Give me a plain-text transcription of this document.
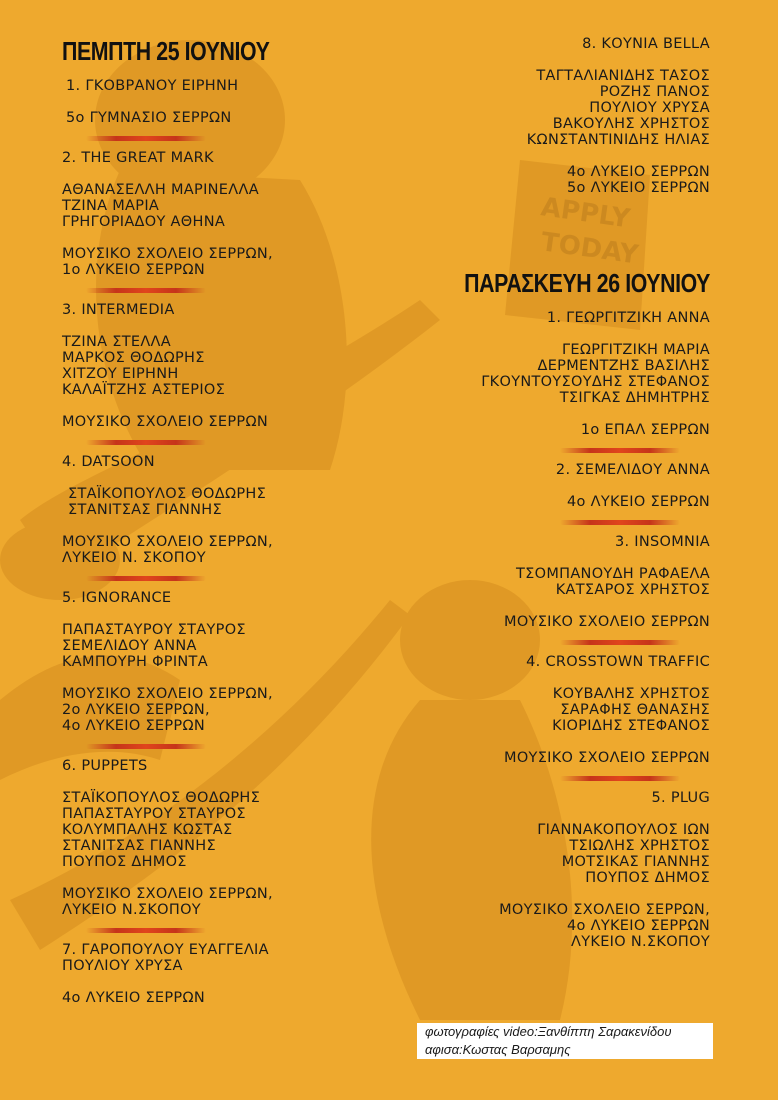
APPLY
TODAY
ΠΕΜΠΤΗ 25 ΙΟΥΝΙΟΥ
1. ΓΚΟΒΡΑΝΟΥ ΕΙΡΗΝΗ
5ο ΓΥΜΝΑΣΙΟ ΣΕΡΡΩΝ
2. THE GREAT MARK
ΑΘΑΝΑΣΕΛΛΗ ΜΑΡΙΝΕΛΛΑ
ΤΖΙΝΑ ΜΑΡΙΑ
ΓΡΗΓΟΡΙΑΔΟΥ ΑΘΗΝΑ
ΜΟΥΣΙΚΟ ΣΧΟΛΕΙΟ ΣΕΡΡΩΝ,
1ο ΛΥΚΕΙΟ ΣΕΡΡΩΝ
3. INTERMEDIA
ΤΖΙΝΑ ΣΤΕΛΛΑ
ΜΑΡΚΟΣ ΘΟΔΩΡΗΣ
ΧΙΤΖΟΥ ΕΙΡΗΝΗ
ΚΑΛΑΪΤΖΗΣ ΑΣΤΕΡΙΟΣ
ΜΟΥΣΙΚΟ ΣΧΟΛΕΙΟ ΣΕΡΡΩΝ
4. DATSOON
ΣΤΑΪΚΟΠΟΥΛΟΣ ΘΟΔΩΡΗΣ
ΣΤΑΝΙΤΣΑΣ ΓΙΑΝΝΗΣ
ΜΟΥΣΙΚΟ ΣΧΟΛΕΙΟ ΣΕΡΡΩΝ,
ΛΥΚΕΙΟ Ν. ΣΚΟΠΟΥ
5. IGNORANCE
ΠΑΠΑΣΤΑΥΡΟΥ ΣΤΑΥΡΟΣ
ΣΕΜΕΛΙΔΟΥ ΑΝΝΑ
ΚΑΜΠΟΥΡΗ ΦΡΙΝΤΑ
ΜΟΥΣΙΚΟ ΣΧΟΛΕΙΟ ΣΕΡΡΩΝ,
2ο ΛΥΚΕΙΟ ΣΕΡΡΩΝ,
4ο ΛΥΚΕΙΟ ΣΕΡΡΩΝ
6. PUPPETS
ΣΤΑΪΚΟΠΟΥΛΟΣ ΘΟΔΩΡΗΣ
ΠΑΠΑΣΤΑΥΡΟΥ ΣΤΑΥΡΟΣ
ΚΟΛΥΜΠΑΛΗΣ ΚΩΣΤΑΣ
ΣΤΑΝΙΤΣΑΣ ΓΙΑΝΝΗΣ
ΠΟΥΠΟΣ ΔΗΜΟΣ
ΜΟΥΣΙΚΟ ΣΧΟΛΕΙΟ ΣΕΡΡΩΝ,
ΛΥΚΕΙΟ Ν.ΣΚΟΠΟΥ
7. ΓΑΡΟΠΟΥΛΟΥ ΕΥΑΓΓΕΛΙΑ
ΠΟΥΛΙΟΥ ΧΡΥΣΑ
4ο ΛΥΚΕΙΟ ΣΕΡΡΩΝ
8. ΚΟΥΝΙΑ BELLA
ΤΑΓΤΑΛΙΑΝΙΔΗΣ ΤΑΣΟΣ
ΡΟΖΗΣ ΠΑΝΟΣ
ΠΟΥΛΙΟΥ ΧΡΥΣΑ
ΒΑΚΟΥΛΗΣ ΧΡΗΣΤΟΣ
ΚΩΝΣΤΑΝΤΙΝΙΔΗΣ ΗΛΙΑΣ
4ο ΛΥΚΕΙΟ ΣΕΡΡΩΝ
5ο ΛΥΚΕΙΟ ΣΕΡΡΩΝ
ΠΑΡΑΣΚΕΥΗ 26 ΙΟΥΝΙΟΥ
1. ΓΕΩΡΓΙΤΖΙΚΗ ΑΝΝΑ
ΓΕΩΡΓΙΤΖΙΚΗ ΜΑΡΙΑ
ΔΕΡΜΕΝΤΖΗΣ ΒΑΣΙΛΗΣ
ΓΚΟΥΝΤΟΥΣΟΥΔΗΣ ΣΤΕΦΑΝΟΣ
ΤΣΙΓΚΑΣ ΔΗΜΗΤΡΗΣ
1ο ΕΠΑΛ ΣΕΡΡΩΝ
2. ΣΕΜΕΛΙΔΟΥ ΑΝΝΑ
4ο ΛΥΚΕΙΟ ΣΕΡΡΩΝ
3. INSOMNIA
ΤΣΟΜΠΑΝΟΥΔΗ ΡΑΦΑΕΛΑ
ΚΑΤΣΑΡΟΣ ΧΡΗΣΤΟΣ
ΜΟΥΣΙΚΟ ΣΧΟΛΕΙΟ ΣΕΡΡΩΝ
4. CROSSTOWN TRAFFIC
ΚΟΥΒΑΛΗΣ ΧΡΗΣΤΟΣ
ΣΑΡΑΦΗΣ ΘΑΝΑΣΗΣ
ΚΙΟΡΙΔΗΣ ΣΤΕΦΑΝΟΣ
ΜΟΥΣΙΚΟ ΣΧΟΛΕΙΟ ΣΕΡΡΩΝ
5. PLUG
ΓΙΑΝΝΑΚΟΠΟΥΛΟΣ ΙΩΝ
ΤΣΙΩΛΗΣ ΧΡΗΣΤΟΣ
ΜΟΤΣΙΚΑΣ ΓΙΑΝΝΗΣ
ΠΟΥΠΟΣ ΔΗΜΟΣ
ΜΟΥΣΙΚΟ ΣΧΟΛΕΙΟ ΣΕΡΡΩΝ,
4ο ΛΥΚΕΙΟ ΣΕΡΡΩΝ
ΛΥΚΕΙΟ Ν.ΣΚΟΠΟΥ
φωτογραφίες video:Ξανθίππη Σαρακενίδου
αφισα:Κωστας Βαρσαμης
